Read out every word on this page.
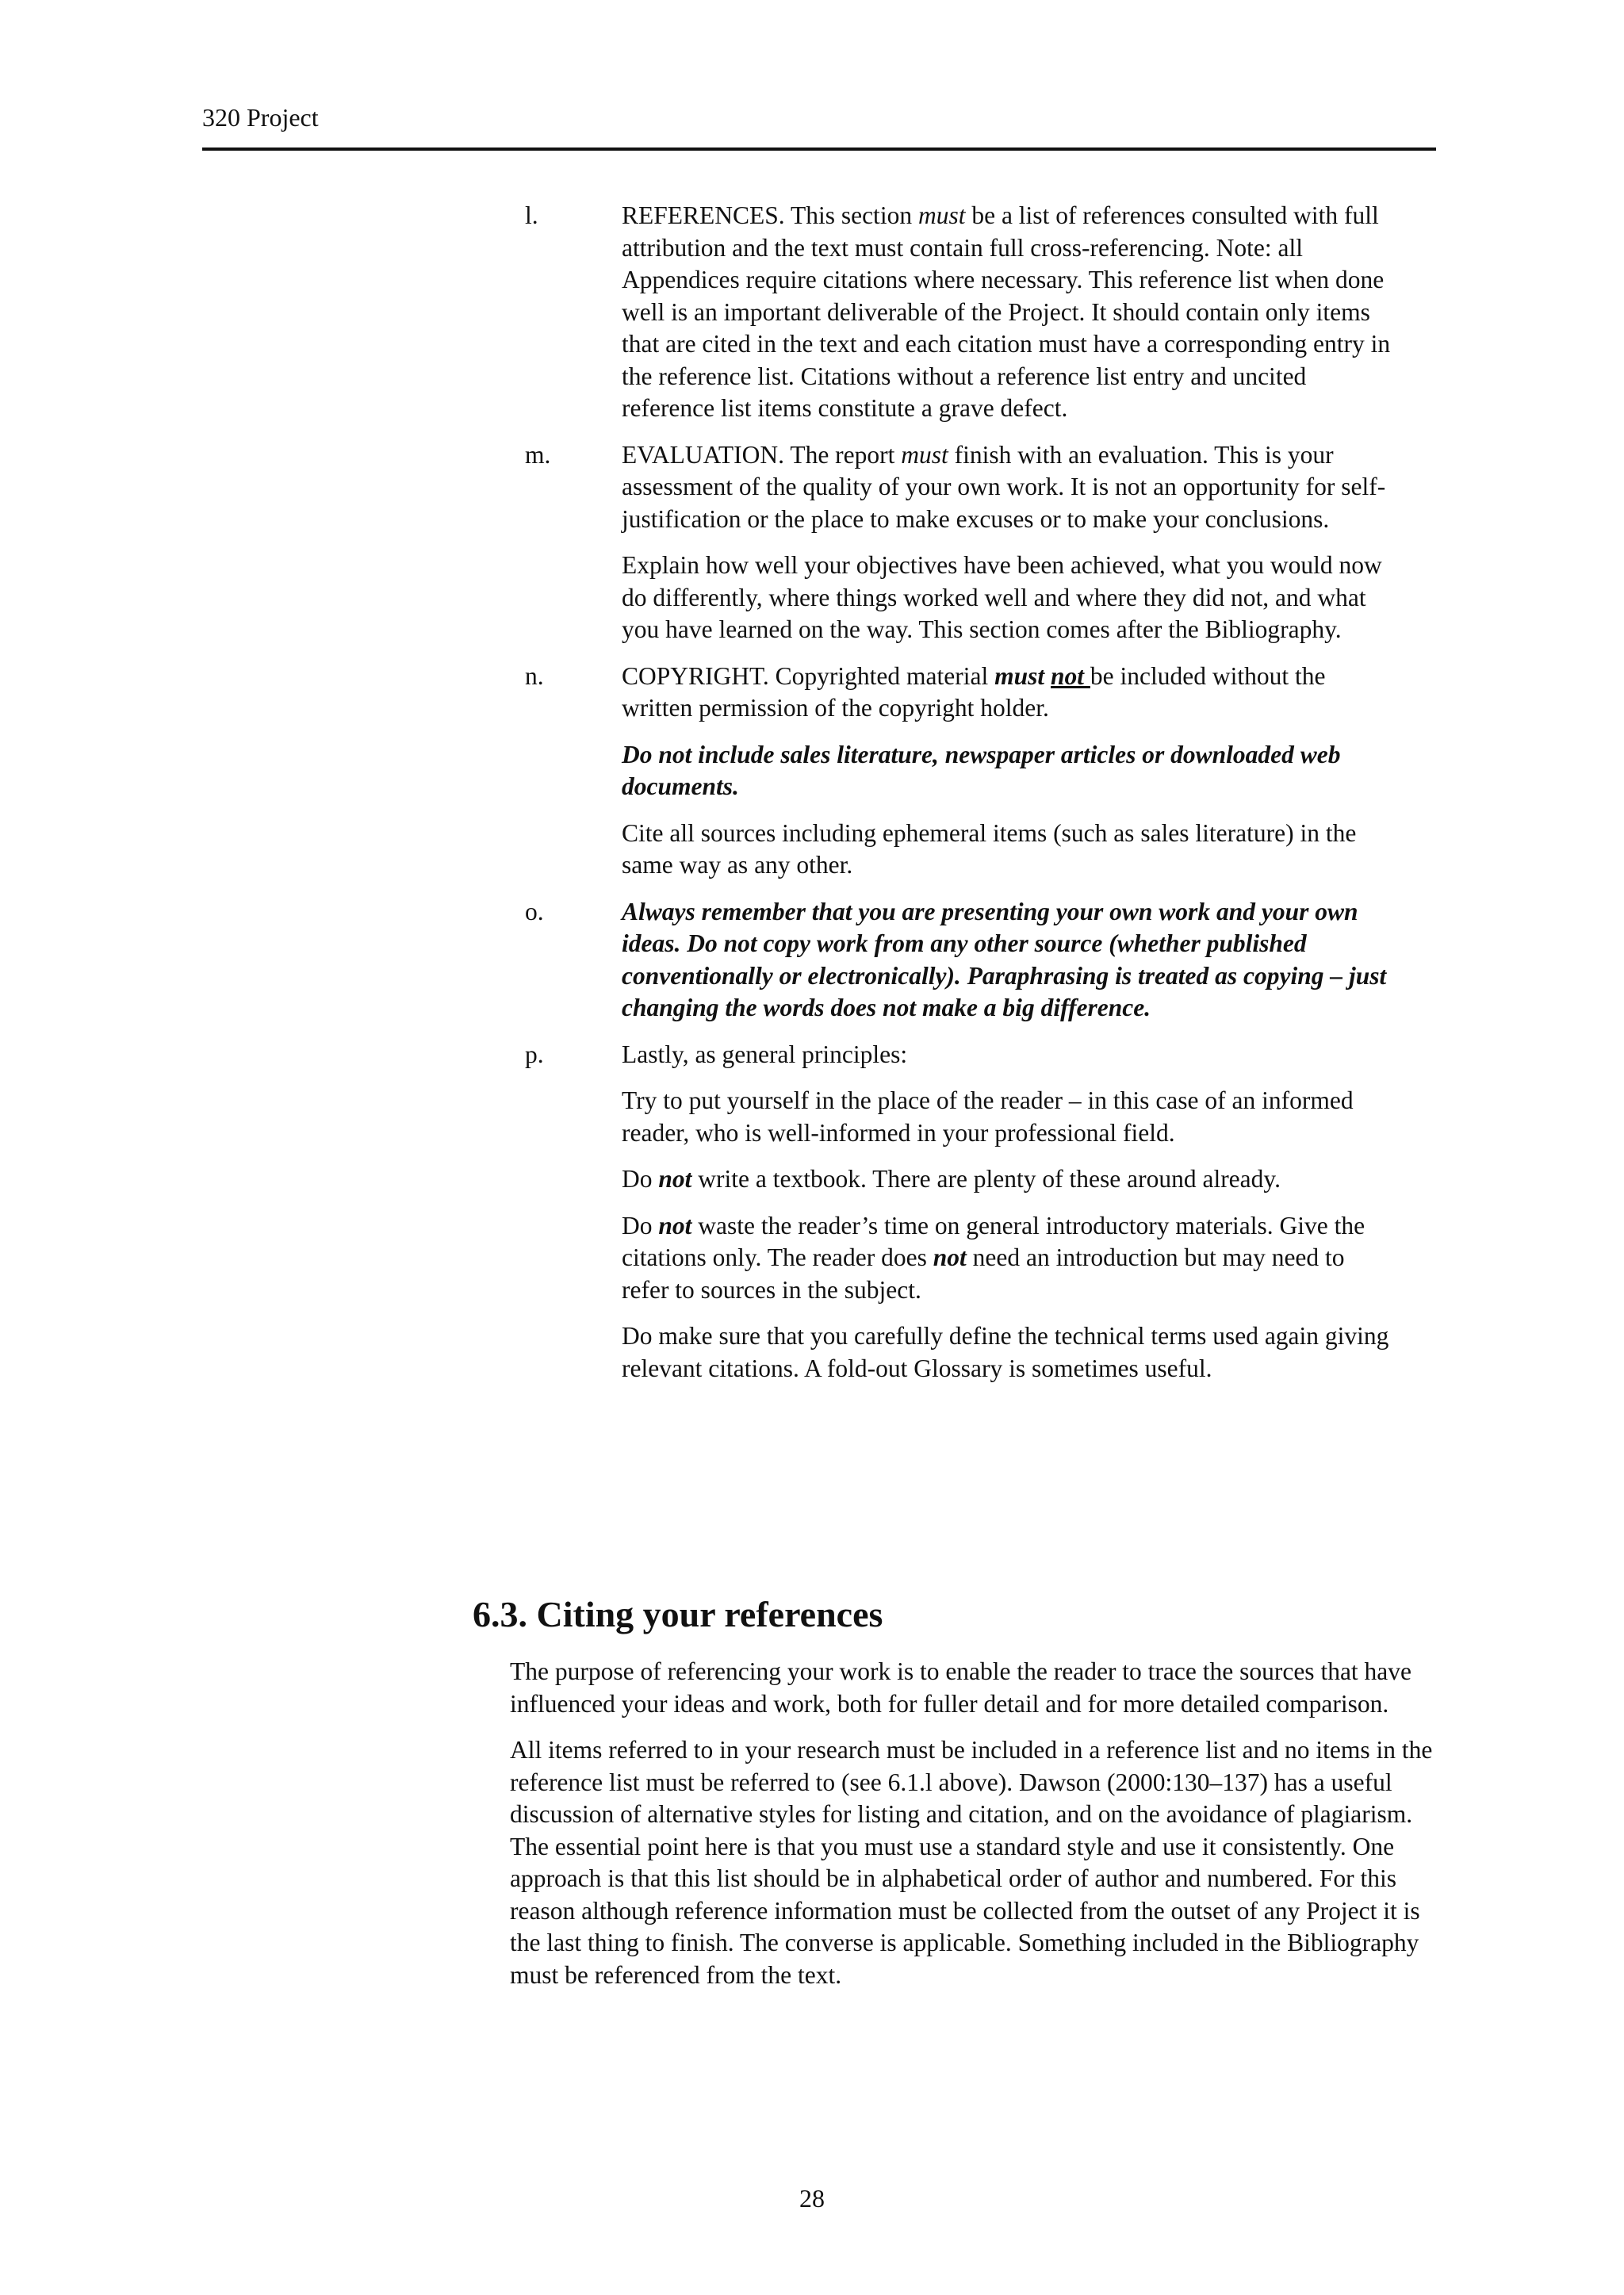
320 Project
l.	REFERENCES. This section must be a list of references consulted with full attribution and the text must contain full cross-referencing. Note: all Appendices require citations where necessary. This reference list when done well is an important deliverable of the Project. It should contain only items that are cited in the text and each citation must have a corresponding entry in the reference list. Citations without a reference list entry and uncited reference list items constitute a grave defect.

m.	EVALUATION. The report must finish with an evaluation. This is your assessment of the quality of your own work. It is not an opportunity for self-justification or the place to make excuses or to make your conclusions.

Explain how well your objectives have been achieved, what you would now do differently, where things worked well and where they did not, and what you have learned on the way. This section comes after the Bibliography.

n.	COPYRIGHT. Copyrighted material must not be included without the written permission of the copyright holder.

Do not include sales literature, newspaper articles or downloaded web documents.

Cite all sources including ephemeral items (such as sales literature) in the same way as any other.

o.	Always remember that you are presenting your own work and your own ideas. Do not copy work from any other source (whether published conventionally or electronically). Paraphrasing is treated as copying – just changing the words does not make a big difference.

p.	Lastly, as general principles:

Try to put yourself in the place of the reader – in this case of an informed reader, who is well-informed in your professional field.

Do not write a textbook. There are plenty of these around already.

Do not waste the reader’s time on general introductory materials. Give the citations only. The reader does not need an introduction but may need to refer to sources in the subject.

Do make sure that you carefully define the technical terms used again giving relevant citations. A fold-out Glossary is sometimes useful.

6.3. Citing your references

The purpose of referencing your work is to enable the reader to trace the sources that have influenced your ideas and work, both for fuller detail and for more detailed comparison.

All items referred to in your research must be included in a reference list and no items in the reference list must be referred to (see 6.1.l above). Dawson (2000:130–137) has a useful discussion of alternative styles for listing and citation, and on the avoidance of plagiarism. The essential point here is that you must use a standard style and use it consistently. One approach is that this list should be in alphabetical order of author and numbered. For this reason although reference information must be collected from the outset of any Project it is the last thing to finish. The converse is applicable. Something included in the Bibliography must be referenced from the text.

28
